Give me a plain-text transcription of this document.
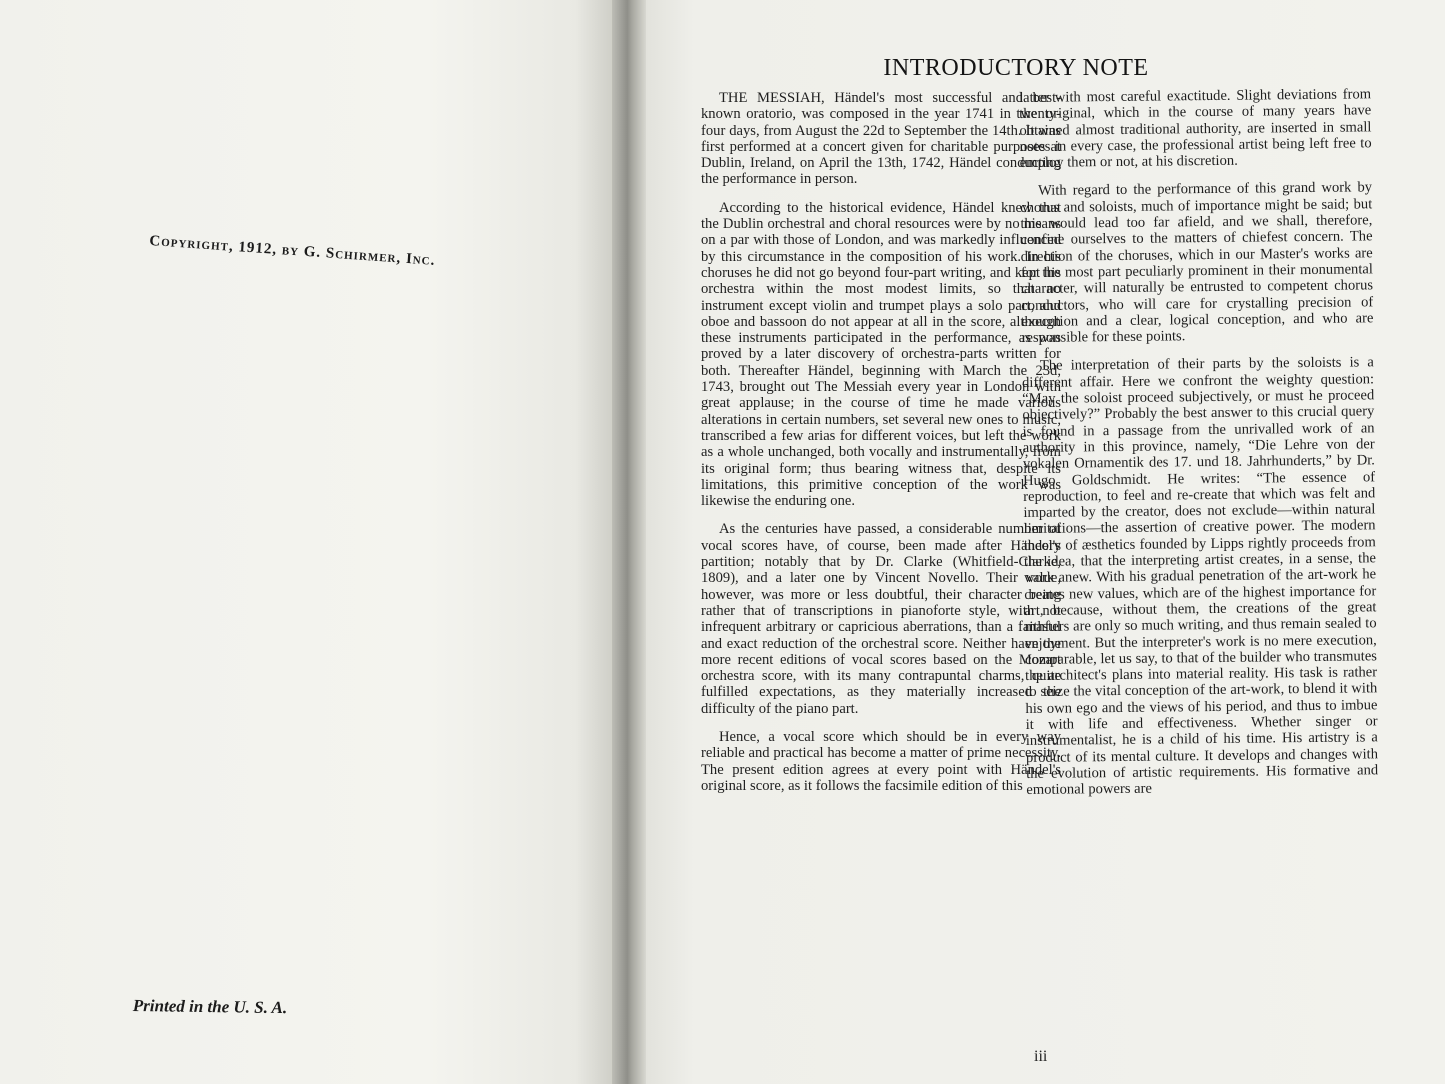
Copyright, 1912, by G. Schirmer, Inc.
Printed in the U. S. A.
INTRODUCTORY NOTE

THE MESSIAH, Händel's most successful and best-known oratorio, was composed in the year 1741 in twenty-four days, from August the 22d to September the 14th. It was first performed at a concert given for charitable purposes at Dublin, Ireland, on April the 13th, 1742, Händel conducting the performance in person.

According to the historical evidence, Händel knew that the Dublin orchestral and choral resources were by no means on a par with those of London, and was markedly influenced by this circumstance in the composition of his work. In his choruses he did not go beyond four-part writing, and kept his orchestra within the most modest limits, so that no instrument except violin and trumpet plays a solo part, and oboe and bassoon do not appear at all in the score, although these instruments participated in the performance, as was proved by a later discovery of orchestra-parts written for both. Thereafter Händel, beginning with March the 23d, 1743, brought out The Messiah every year in London with great applause; in the course of time he made various alterations in certain numbers, set several new ones to music, transcribed a few arias for different voices, but left the work as a whole unchanged, both vocally and instrumentally, from its original form; thus bearing witness that, despite its limitations, this primitive conception of the work was likewise the enduring one.

As the centuries have passed, a considerable number of vocal scores have, of course, been made after Händel's partition; notably that by Dr. Clarke (Whitfield-Clarke, 1809), and a later one by Vincent Novello. Their value, however, was more or less doubtful, their character being rather that of transcriptions in pianoforte style, with not infrequent arbitrary or capricious aberrations, than a faithful and exact reduction of the orchestral score. Neither have the more recent editions of vocal scores based on the Mozart orchestra score, with its many contrapuntal charms, quite fulfilled expectations, as they materially increased the difficulty of the piano part.

Hence, a vocal score which should be in every way reliable and practical has become a matter of prime necessity. The present edition agrees at every point with Händel's original score, as it follows the facsimile edition of this

latter with most careful exactitude. Slight deviations from the original, which in the course of many years have obtained almost traditional authority, are inserted in small notes in every case, the professional artist being left free to employ them or not, at his discretion.

With regard to the performance of this grand work by chorus and soloists, much of importance might be said; but this would lead too far afield, and we shall, therefore, confine ourselves to the matters of chiefest concern. The direction of the choruses, which in our Master's works are for the most part peculiarly prominent in their monumental character, will naturally be entrusted to competent chorus conductors, who will care for crystalling precision of execution and a clear, logical conception, and who are responsible for these points.

The interpretation of their parts by the soloists is a different affair. Here we confront the weighty question: “May the soloist proceed subjectively, or must he proceed objectively?” Probably the best answer to this crucial query is found in a passage from the unrivalled work of an authority in this province, namely, “Die Lehre von der vokalen Ornamentik des 17. und 18. Jahrhunderts,” by Dr. Hugo Goldschmidt. He writes: “The essence of reproduction, to feel and re-create that which was felt and imparted by the creator, does not exclude—within natural limitations—the assertion of creative power. The modern theory of æsthetics founded by Lipps rightly proceeds from the idea, that the interpreting artist creates, in a sense, the work anew. With his gradual penetration of the art-work he creates new values, which are of the highest importance for art, because, without them, the creations of the great masters are only so much writing, and thus remain sealed to enjoyment. But the interpreter's work is no mere execution, comparable, let us say, to that of the builder who transmutes the architect's plans into material reality. His task is rather to seize the vital conception of the art-work, to blend it with his own ego and the views of his period, and thus to imbue it with life and effectiveness. Whether singer or instrumentalist, he is a child of his time. His artistry is a product of its mental culture. It develops and changes with the evolution of artistic requirements. His formative and emotional powers are

iii
